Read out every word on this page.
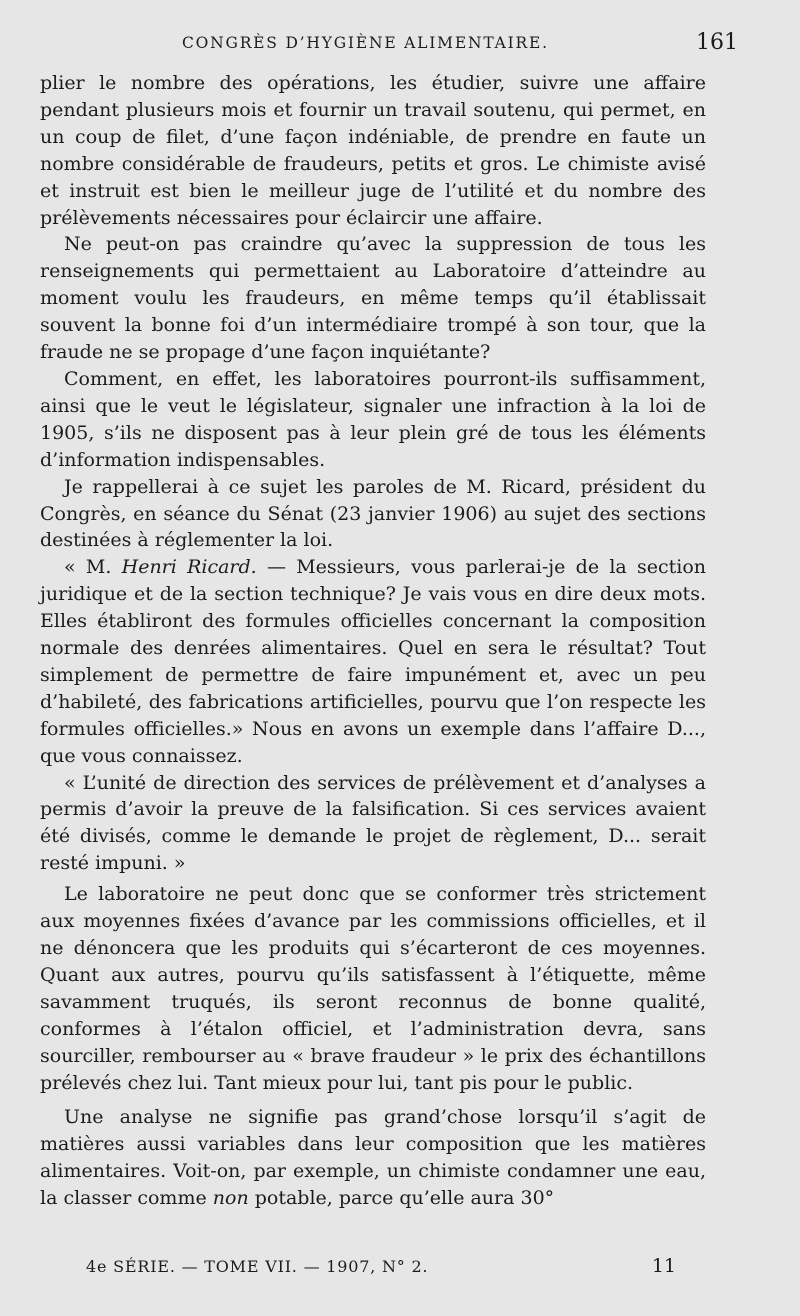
CONGRÈS D’HYGIÈNE ALIMENTAIRE.	161

plier le nombre des opérations, les étudier, suivre une affaire pendant plusieurs mois et fournir un travail soutenu, qui permet, en un coup de filet, d’une façon indéniable, de prendre en faute un nombre considérable de fraudeurs, petits et gros. Le chimiste avisé et instruit est bien le meilleur juge de l’utilité et du nombre des prélèvements nécessaires pour éclaircir une affaire.

Ne peut-on pas craindre qu’avec la suppression de tous les renseignements qui permettaient au Laboratoire d’atteindre au moment voulu les fraudeurs, en même temps qu’il établissait souvent la bonne foi d’un intermédiaire trompé à son tour, que la fraude ne se propage d’une façon inquiétante?

Comment, en effet, les laboratoires pourront-ils suffisamment, ainsi que le veut le législateur, signaler une infraction à la loi de 1905, s’ils ne disposent pas à leur plein gré de tous les éléments d’information indispensables.

Je rappellerai à ce sujet les paroles de M. Ricard, président du Congrès, en séance du Sénat (23 janvier 1906) au sujet des sections destinées à réglementer la loi.

« M. Henri Ricard. — Messieurs, vous parlerai-je de la section juridique et de la section technique? Je vais vous en dire deux mots. Elles établiront des formules officielles concernant la composition normale des denrées alimentaires. Quel en sera le résultat? Tout simplement de permettre de faire impunément et, avec un peu d’habileté, des fabrications artificielles, pourvu que l’on respecte les formules officielles.» Nous en avons un exemple dans l’affaire D..., que vous connaissez.

« L’unité de direction des services de prélèvement et d’analyses a permis d’avoir la preuve de la falsification. Si ces services avaient été divisés, comme le demande le projet de règlement, D... serait resté impuni. »

Le laboratoire ne peut donc que se conformer très strictement aux moyennes fixées d’avance par les commissions officielles, et il ne dénoncera que les produits qui s’écarteront de ces moyennes. Quant aux autres, pourvu qu’ils satisfassent à l’étiquette, même savamment truqués, ils seront reconnus de bonne qualité, conformes à l’étalon officiel, et l’administration devra, sans sourciller, rembourser au « brave fraudeur » le prix des échantillons prélevés chez lui. Tant mieux pour lui, tant pis pour le public.

Une analyse ne signifie pas grand’chose lorsqu’il s’agit de matières aussi variables dans leur composition que les matières alimentaires. Voit-on, par exemple, un chimiste condamner une eau, la classer comme non potable, parce qu’elle aura 30°

4e SÉRIE. — TOME VII. — 1907, N° 2.	11
